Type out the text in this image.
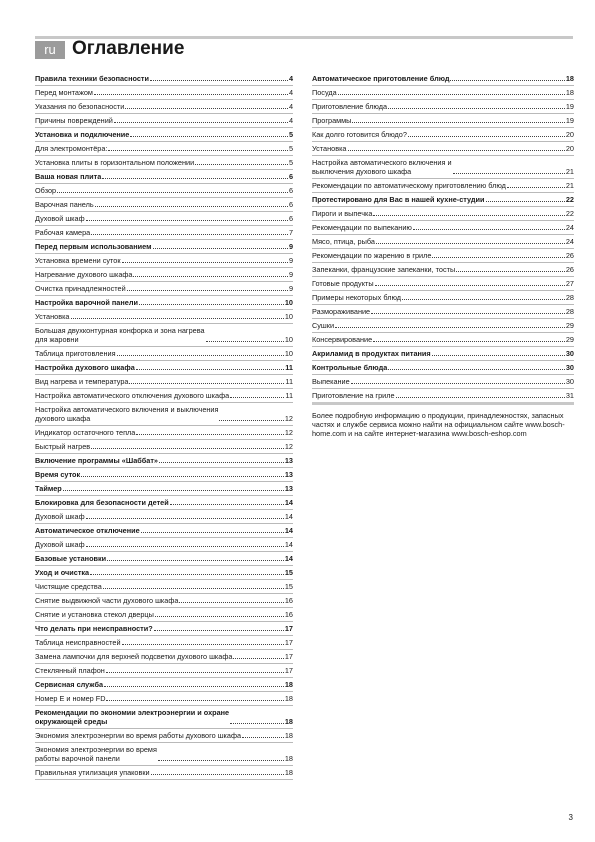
ru Оглавление
Правила техники безопасности	4
Перед монтажом	4
Указания по безопасности	4
Причины повреждений	4
Установка и подключение	5
Для электромонтёра:	5
Установка плиты в горизонтальном положении	5
Ваша новая плита	6
Обзор	6
Варочная панель	6
Духовой шкаф	6
Рабочая камера	7
Перед первым использованием	9
Установка времени суток	9
Нагревание духового шкафа	9
Очистка принадлежностей	9
Настройка варочной панели	10
Установка	10
Большая двухконтурная конфорка и зона нагрева
для жаровни	10
Таблица приготовления	10
Настройка духового шкафа	11
Вид нагрева и температура	11
Настройка автоматического отключения духового шкафа	11
Настройка автоматического включения и выключения
духового шкафа	12
Индикатор остаточного тепла	12
Быстрый нагрев	12
Включение программы «Шаббат»	13
Время суток	13
Таймер	13
Блокировка для безопасности детей	14
Духовой шкаф	14
Автоматическое отключение	14
Духовой шкаф	14
Базовые установки	14
Уход и очистка	15
Чистящие средства	15
Снятие выдвижной части духового шкафа	16
Снятие и установка стекол дверцы	16
Что делать при неисправности?	17
Таблица неисправностей	17
Замена лампочки для верхней подсветки духового шкафа	17
Стеклянный плафон	17
Сервисная служба	18
Номер E и номер FD	18
Рекомендации по экономии электроэнергии и охране
окружающей среды	18
Экономия электроэнергии во время работы духового шкафа	18
Экономия электроэнергии во время
работы варочной панели	18
Правильная утилизация упаковки	18
Автоматическое приготовление блюд	18
Посуда	18
Приготовление блюда	19
Программы	19
Как долго готовится блюдо?	20
Установка	20
Настройка автоматического включения и
выключения духового шкафа	21
Рекомендации по автоматическому приготовлению блюд	21
Протестировано для Вас в нашей кухне-студии	22
Пироги и выпечка	22
Рекомендации по выпеканию	24
Мясо, птица, рыба	24
Рекомендации по жарению в гриле	26
Запеканки, французские запеканки, тосты	26
Готовые продукты	27
Примеры некоторых блюд	28
Размораживание	28
Сушки	29
Консервирование	29
Акриламид в продуктах питания	30
Контрольные блюда	30
Выпекание	30
Приготовление на гриле	31
Более подробную информацию о продукции, принадлежностях, запасных частях и службе сервиса можно найти на официальном сайте www.bosch-home.com и на сайте интернет-магазина www.bosch-eshop.com
3
